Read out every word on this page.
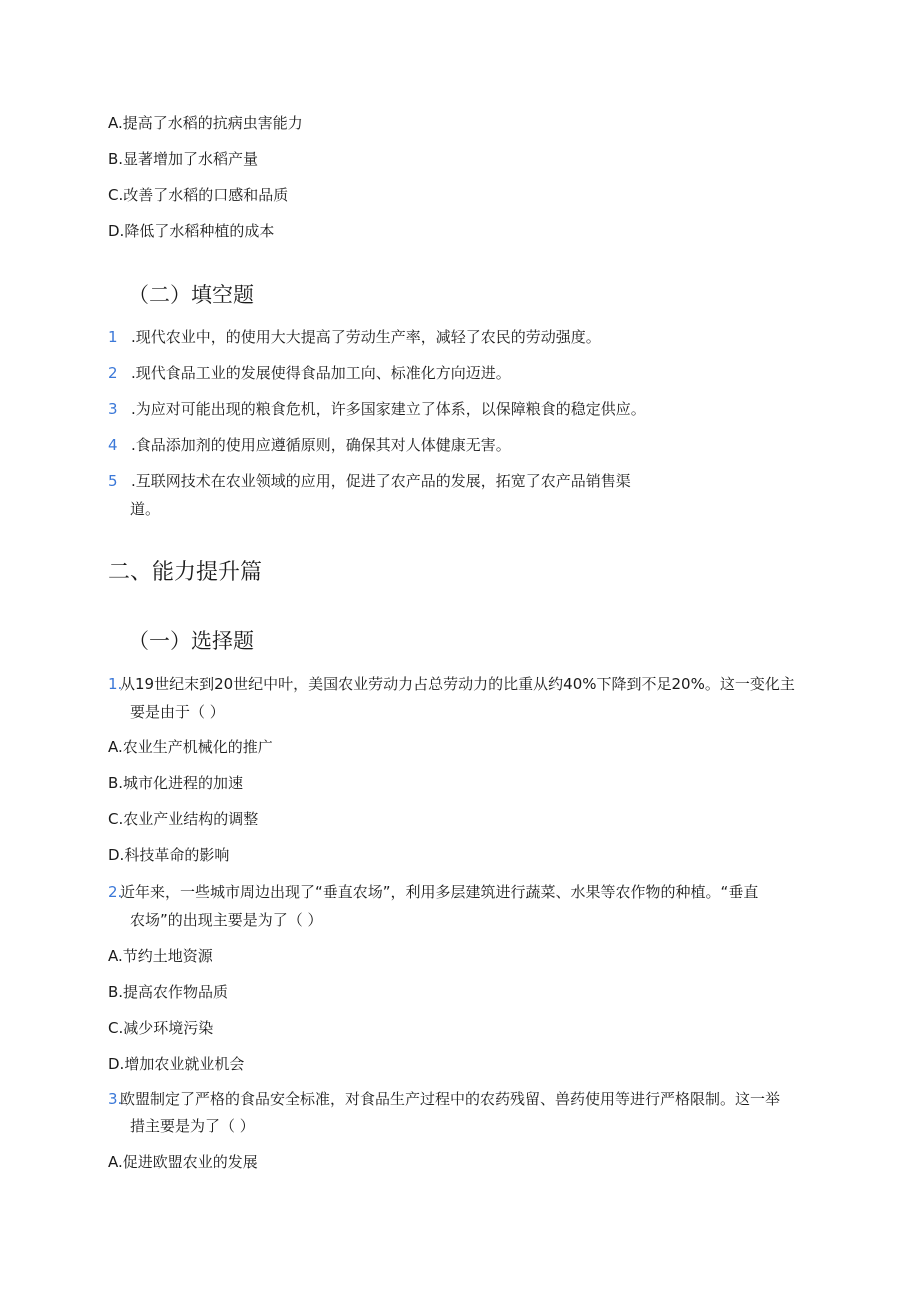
A.提高了水稻的抗病虫害能力
B.显著增加了水稻产量
C.改善了水稻的口感和品质
D.降低了水稻种植的成本
（二）填空题
1 .现代农业中，的使用大大提高了劳动生产率，减轻了农民的劳动强度。
2 .现代食品工业的发展使得食品加工向、标准化方向迈进。
3 .为应对可能出现的粮食危机，许多国家建立了体系，以保障粮食的稳定供应。
4 .食品添加剂的使用应遵循原则，确保其对人体健康无害。
5 .互联网技术在农业领域的应用，促进了农产品的发展，拓宽了农产品销售渠
道。
二、能力提升篇
（一）选择题
1.
从19世纪末到20世纪中叶，美国农业劳动力占总劳动力的比重从约40%下降到不足20%。这一变化主
要是由于（ ）
A.农业生产机械化的推广
B.城市化进程的加速
C.农业产业结构的调整
D.科技革命的影响
2.
近年来，一些城市周边出现了“垂直农场”，利用多层建筑进行蔬菜、水果等农作物的种植。“垂直
农场”的出现主要是为了（ ）
A.节约土地资源
B.提高农作物品质
C.减少环境污染
D.增加农业就业机会
3.
欧盟制定了严格的食品安全标准，对食品生产过程中的农药残留、兽药使用等进行严格限制。这一举
措主要是为了（ ）
A.促进欧盟农业的发展
